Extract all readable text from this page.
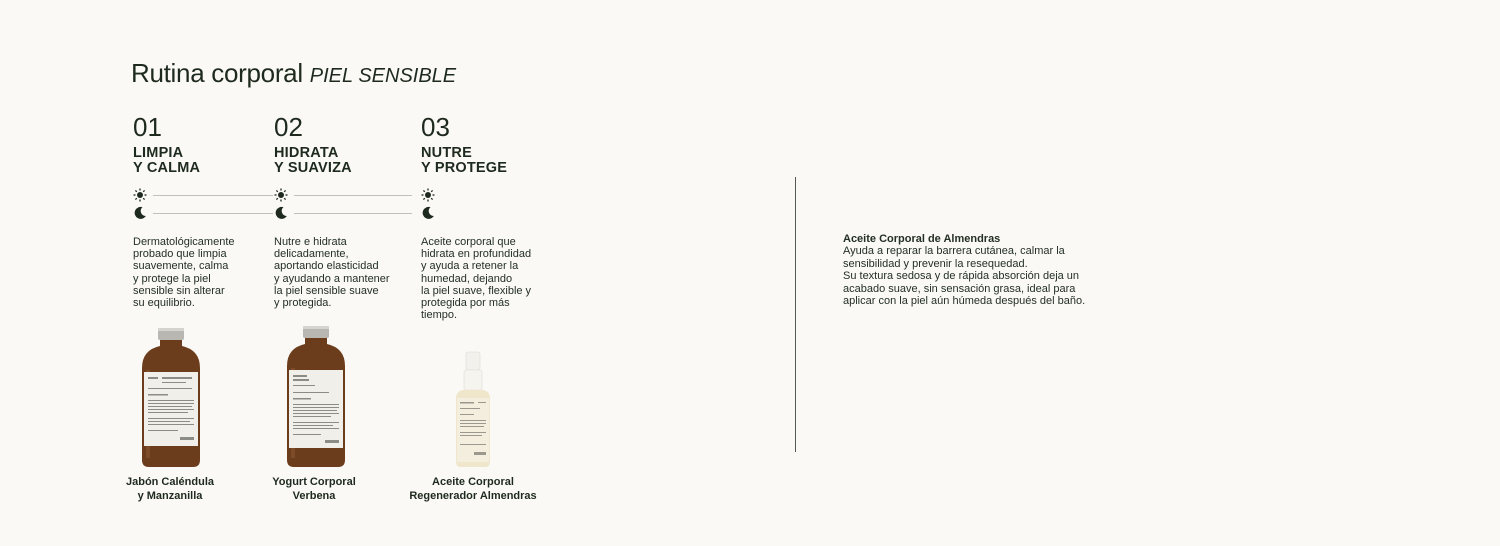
Rutina corporal PIEL SENSIBLE
01
LIMPIA
Y CALMA
Dermatológicamente
probado que limpia
suavemente, calma
y protege la piel
sensible sin alterar
su equilibrio.
02
HIDRATA
Y SUAVIZA
Nutre e hidrata
delicadamente,
aportando elasticidad
y ayudando a mantener
la piel sensible suave
y protegida.
03
NUTRE
Y PROTEGE
Aceite corporal que
hidrata en profundidad
y ayuda a retener la
humedad, dejando
la piel suave, flexible y
protegida por más
tiempo.
Jabón Caléndula
y Manzanilla
Yogurt Corporal
Verbena
Aceite Corporal
Regenerador Almendras
Aceite Corporal de Almendras
Ayuda a reparar la barrera cutánea, calmar la
sensibilidad y prevenir la resequedad.
Su textura sedosa y de rápida absorción deja un
acabado suave, sin sensación grasa, ideal para
aplicar con la piel aún húmeda después del baño.
